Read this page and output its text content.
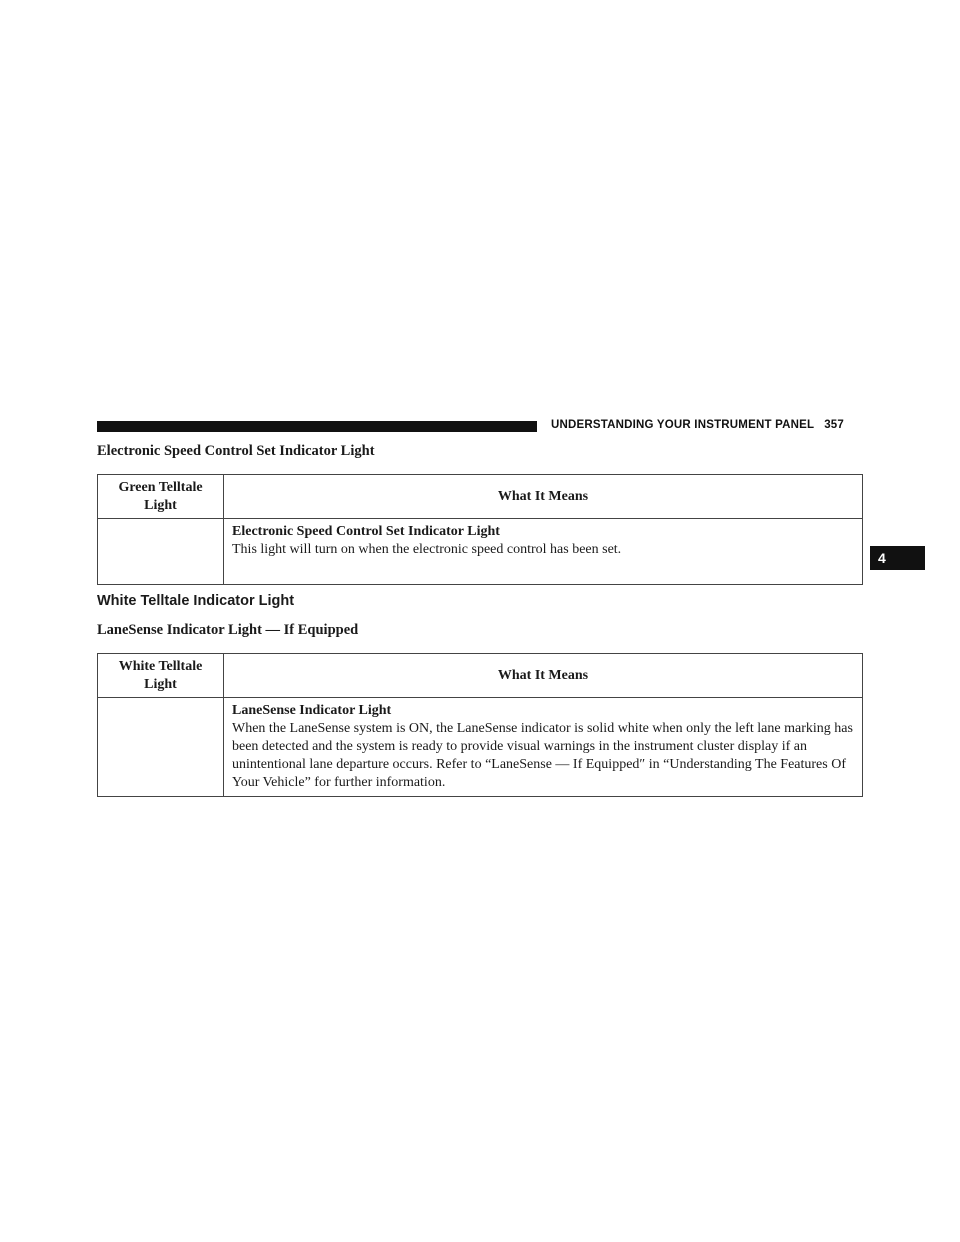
UNDERSTANDING YOUR INSTRUMENT PANEL 357
4
Electronic Speed Control Set Indicator Light
Green Telltale Light	What It Means

	Electronic Speed Control Set Indicator Light
This light will turn on when the electronic speed control has been set.
White Telltale Indicator Light
LaneSense Indicator Light — If Equipped
White Telltale Light	What It Means

	LaneSense Indicator Light
When the LaneSense system is ON, the LaneSense indicator is solid white when only the left lane marking has been detected and the system is ready to provide visual warnings in the instrument cluster display if an unintentional lane departure occurs. Refer to “LaneSense — If Equipped″ in “Understanding The Features Of Your Vehicle” for further information.
